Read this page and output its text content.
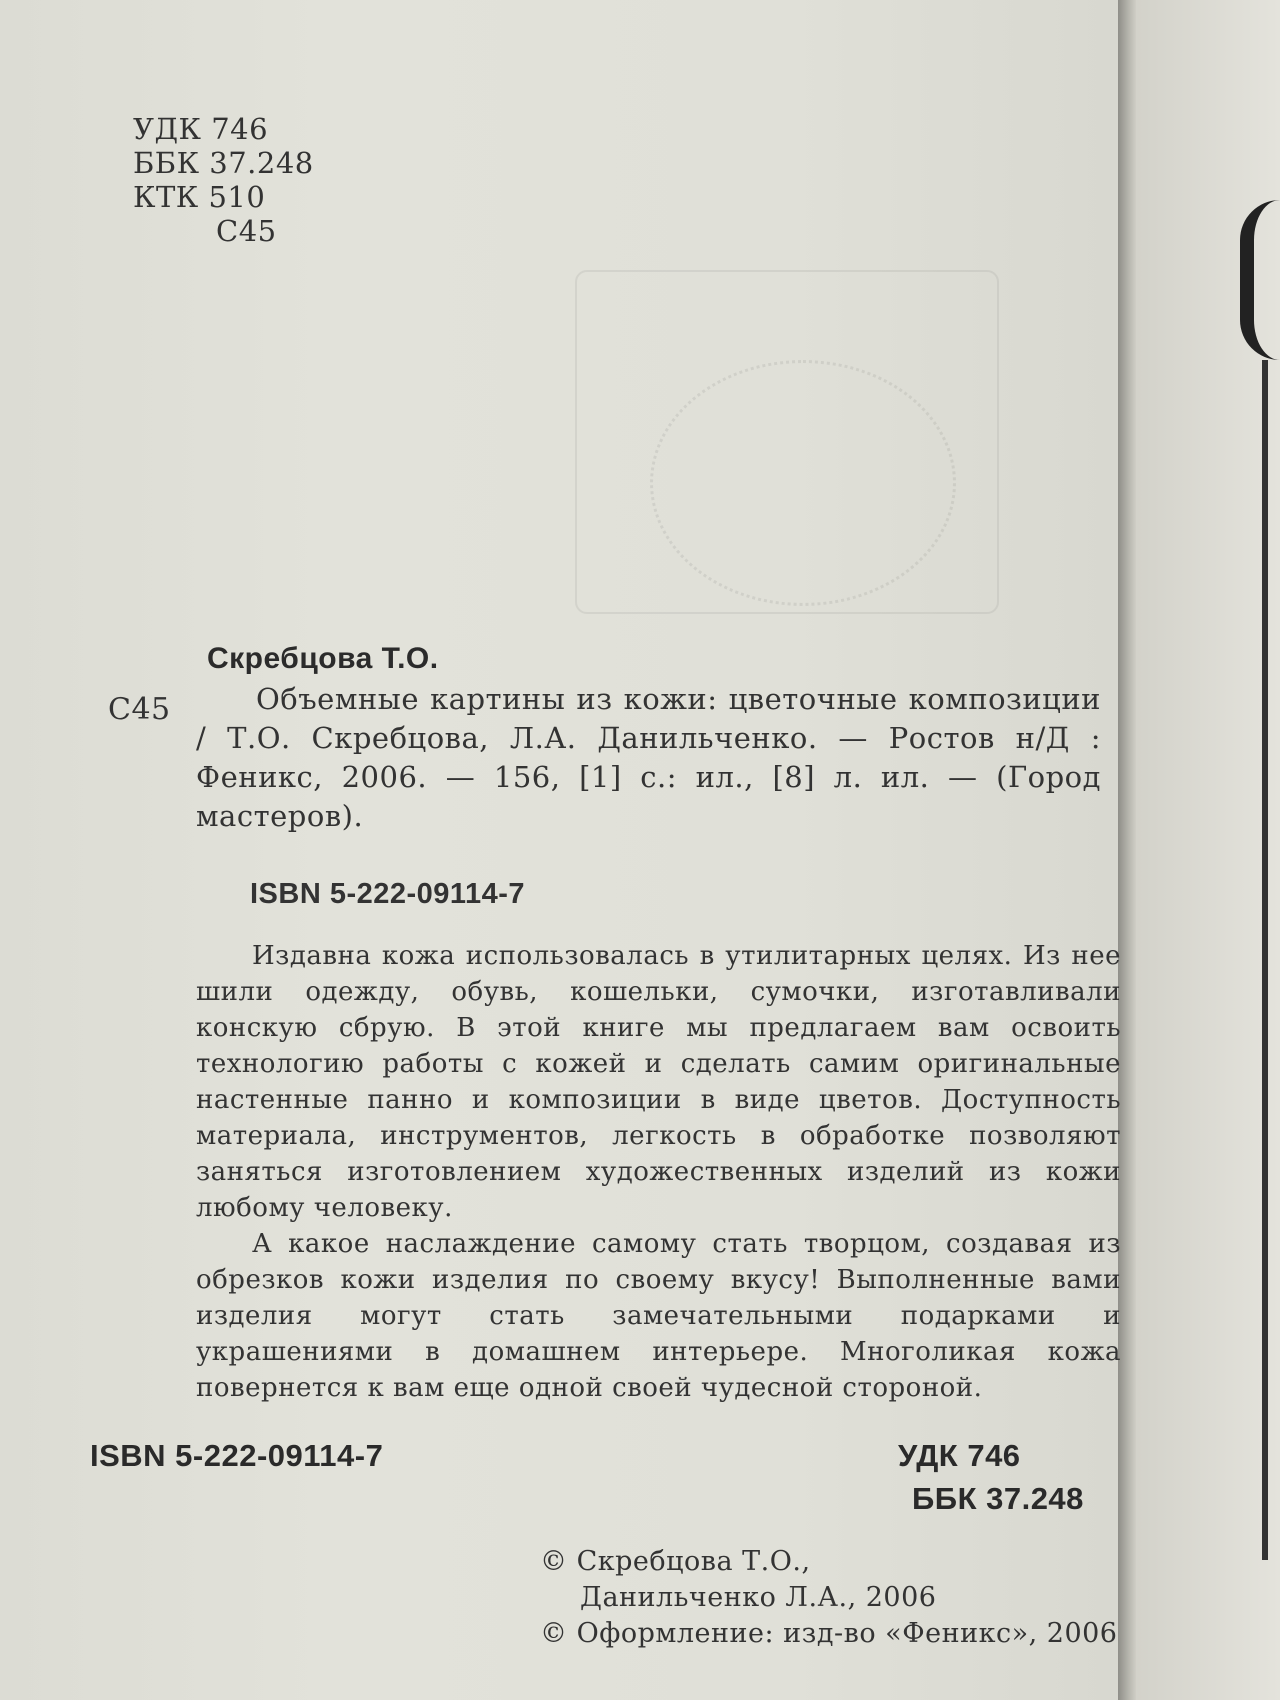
УДК 746
ББК 37.248
КТК 510
С45
Скребцова Т.О.
С45	Объемные картины из кожи: цветочные композиции / Т.О. Скребцова, Л.А. Данильченко. — Ростов н/Д : Феникс, 2006. — 156, [1] с.: ил., [8] л. ил. — (Город мастеров).
ISBN 5-222-09114-7

Издавна кожа использовалась в утилитарных целях. Из нее шили одежду, обувь, кошельки, сумочки, изготавливали конскую сбрую. В этой книге мы предлагаем вам освоить технологию работы с кожей и сделать самим оригинальные настенные панно и композиции в виде цветов. Доступность материала, инструментов, легкость в обработке позволяют заняться изготовлением художественных изделий из кожи любому человеку.

А какое наслаждение самому стать творцом, создавая из обрезков кожи изделия по своему вкусу! Выполненные вами изделия могут стать замечательными подарками и украшениями в домашнем интерьере. Многоликая кожа повернется к вам еще одной своей чудесной стороной.

ISBN 5-222-09114-7	УДК 746
ББК 37.248
© Скребцова Т.О.,
Данильченко Л.А., 2006
© Оформление: изд-во «Феникс», 2006
